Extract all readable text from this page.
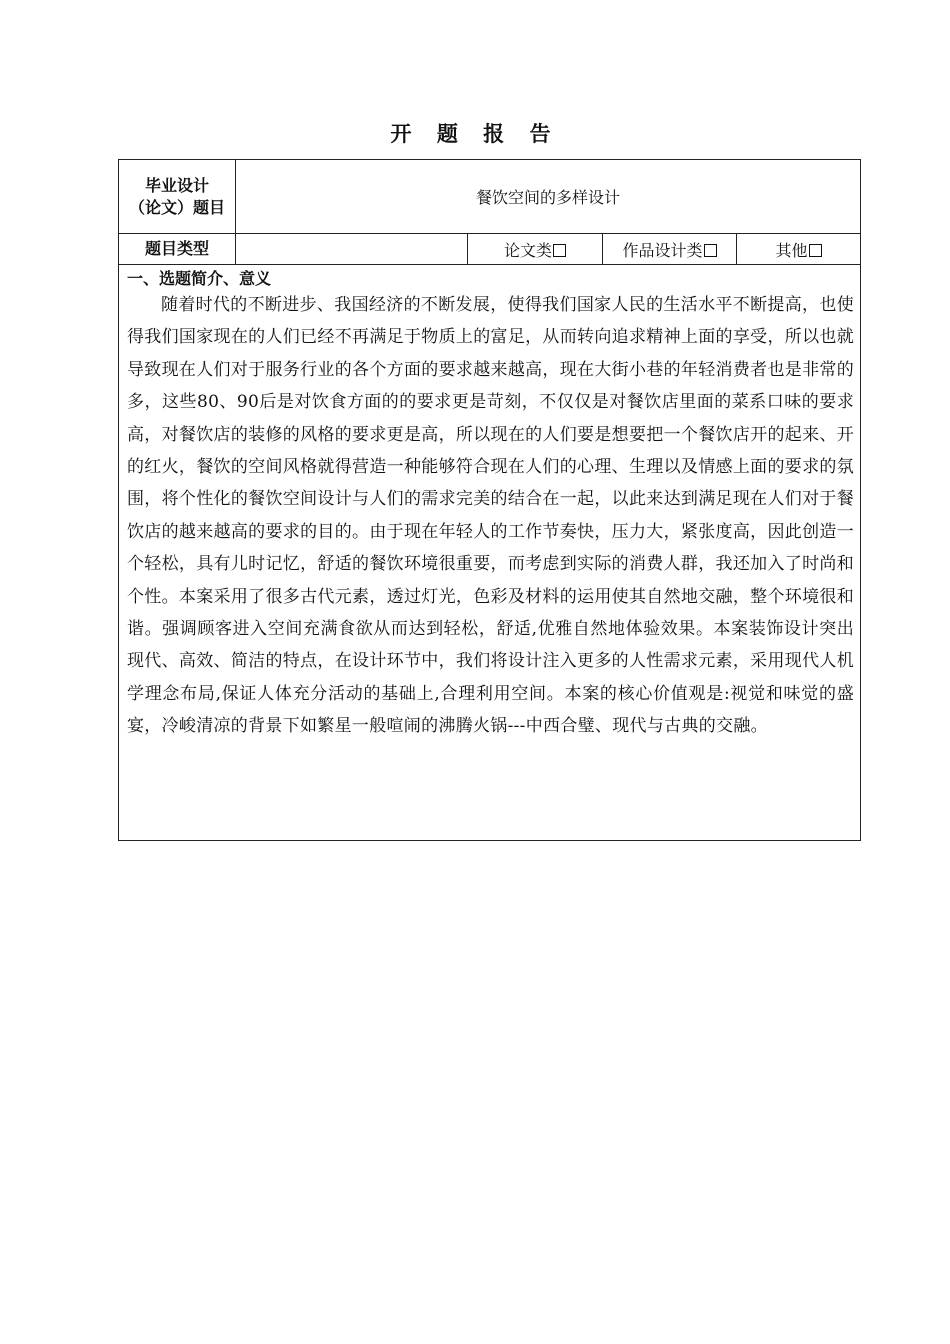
开 题 报 告
毕业设计
（论文）题目	餐饮空间的多样设计			
题目类型		论文类	作品设计类	其他

一、选题简介、意义

随着时代的不断进步、我国经济的不断发展，使得我们国家人民的生活水平不断提高，也使得我们国家现在的人们已经不再满足于物质上的富足，从而转向追求精神上面的享受，所以也就导致现在人们对于服务行业的各个方面的要求越来越高，现在大街小巷的年轻消费者也是非常的多，这些80、90后是对饮食方面的的要求更是苛刻，不仅仅是对餐饮店里面的菜系口味的要求高，对餐饮店的装修的风格的要求更是高，所以现在的人们要是想要把一个餐饮店开的起来、开的红火，餐饮的空间风格就得营造一种能够符合现在人们的心理、生理以及情感上面的要求的氛围，将个性化的餐饮空间设计与人们的需求完美的结合在一起，以此来达到满足现在人们对于餐饮店的越来越高的要求的目的。由于现在年轻人的工作节奏快，压力大，紧张度高，因此创造一个轻松，具有儿时记忆，舒适的餐饮环境很重要，而考虑到实际的消费人群，我还加入了时尚和个性。本案采用了很多古代元素，透过灯光，色彩及材料的运用使其自然地交融，整个环境很和谐。强调顾客进入空间充满食欲从而达到轻松，舒适,优雅自然地体验效果。本案装饰设计突出现代、高效、简洁的特点，在设计环节中，我们将设计注入更多的人性需求元素，采用现代人机学理念布局,保证人体充分活动的基础上,合理利用空间。本案的核心价值观是:视觉和味觉的盛宴，冷峻清凉的背景下如繁星一般喧闹的沸腾火锅---中西合璧、现代与古典的交融。				
